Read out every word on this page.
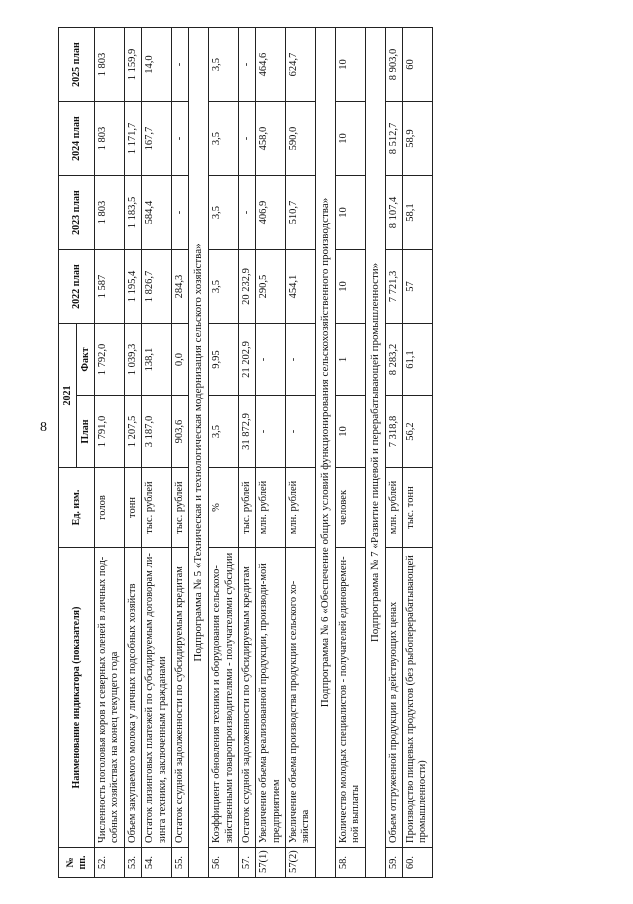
8
№ пп.	Наименование индикатора (показателя)	Ед. изм.	2021		2022 план	2023 план	2024 план	2025 план
			План	Факт				
52.	Численность поголовья коров и северных оленей в личных под-собных хозяйствах на конец текущего года	голов	1 791,0	1 792,0	1 587	1 803	1 803	1 803
53.	Объем закупаемого молока у личных подсобных хозяйств	тонн	1 207,5	1 039,3	1 195,4	1 183,5	1 171,7	1 159,9
54.	Остаток лизинговых платежей по субсидируемым договорам ли-зинга техники, заключенным гражданами	тыс. рублей	3 187,0	138,1	1 826,7	584,4	167,7	14,0
55.	Остаток ссудной задолженности по субсидируемым кредитам	тыс. рублей	903,6	0,0	284,3	-	-	-
Подпрограмма № 5 «Техническая и технологическая модернизация сельского хозяйства»								
56.	Коэффициент обновления техники и оборудования сельскохо-зяйственными товаропроизводителями - получателями субсидии	%	3,5	9,95	3,5	3,5	3,5	3,5
57.	Остаток ссудной задолженности по субсидируемым кредитам	тыс. рублей	31 872,9	21 202,9	20 232,9	-	-	-
57(1)	Увеличение объема реализованной продукции, производи-мой предприятием	млн. рублей	-	-	290,5	406,9	458,0	464,6
57(2)	Увеличение объема производства продукции сельского хо-зяйства	млн. рублей	-	-	454,1	510,7	590,0	624,7
Подпрограмма № 6 «Обеспечение общих условий функционирования сельскохозяйственного производства»								
58.	Количество молодых специалистов - получателей единовремен-ной выплаты	человек	10	1	10	10	10	10
Подпрограмма № 7 «Развитие пищевой и перерабатывающей промышленности»								
59.	Объем отгруженной продукции в действующих ценах	млн. рублей	7 318,8	8 283,2	7 721,3	8 107,4	8 512,7	8 903,0
60.	Производство пищевых продуктов (без рыбоперерабатывающей промышленности)	тыс. тонн	56,2	61,1	57	58,1	58,9	60
